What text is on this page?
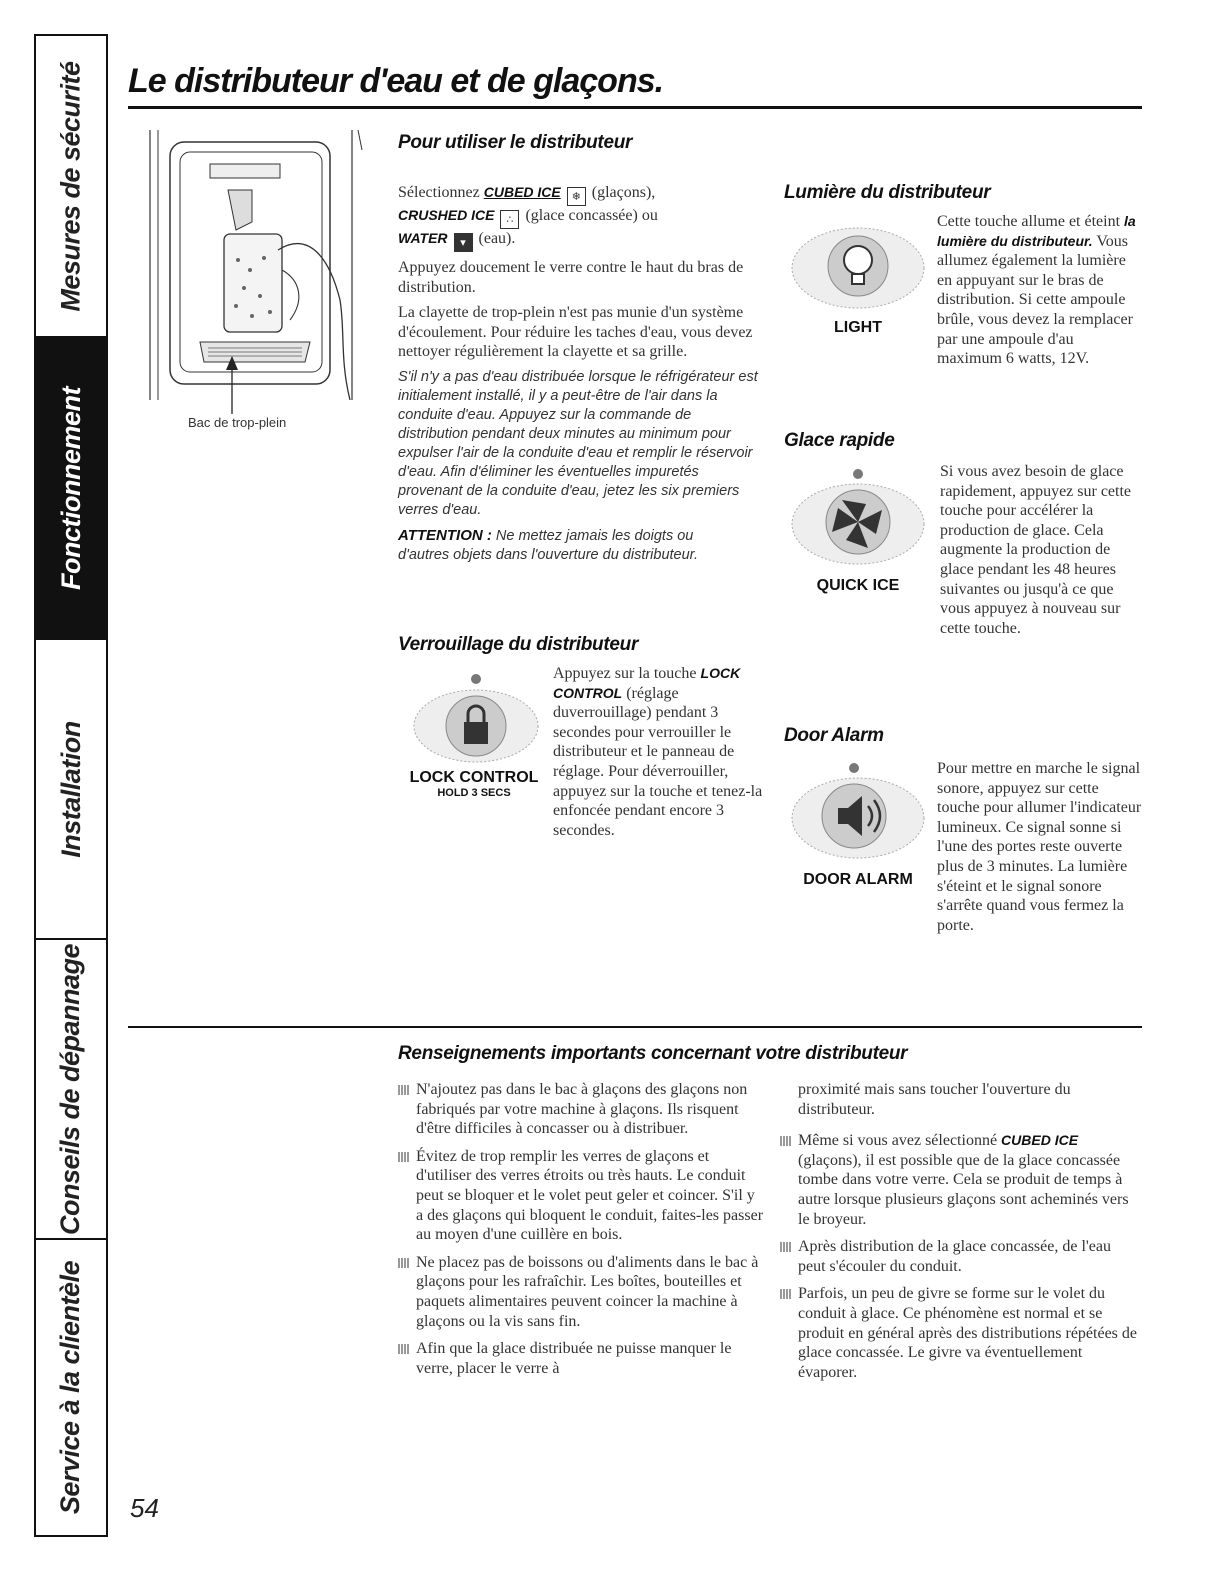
Mesures de sécurité
Fonctionnement
Installation
Conseils de dépannage
Service à la clientèle
Le distributeur d'eau et de glaçons.
Bac de trop-plein
Pour utiliser le distributeur

Sélectionnez CUBED ICE ❄ (glaçons),
CRUSHED ICE ∴ (glace concassée) ou
WATER ▾ (eau).

Appuyez doucement le verre contre le haut du bras de distribution.

La clayette de trop-plein n'est pas munie d'un système d'écoulement. Pour réduire les taches d'eau, vous devez nettoyer régulièrement la clayette et sa grille.

S'il n'y a pas d'eau distribuée lorsque le réfrigérateur est initialement installé, il y a peut-être de l'air dans la conduite d'eau. Appuyez sur la commande de distribution pendant deux minutes au minimum pour expulser l'air de la conduite d'eau et remplir le réservoir d'eau. Afin d'éliminer les éventuelles impuretés provenant de la conduite d'eau, jetez les six premiers verres d'eau.

ATTENTION : Ne mettez jamais les doigts ou d'autres objets dans l'ouverture du distributeur.

Verrouillage du distributeur
LOCK CONTROL
HOLD 3 SECS
Appuyez sur la touche LOCK CONTROL (réglage duverrouillage) pendant 3 secondes pour verrouiller le distributeur et le panneau de réglage. Pour déverrouiller, appuyez sur la touche et tenez-la enfoncée pendant encore 3 secondes.
Lumière du distributeur
LIGHT
Cette touche allume et éteint la lumière du distributeur. Vous allumez également la lumière en appuyant sur le bras de distribution. Si cette ampoule brûle, vous devez la remplacer par une ampoule d'au maximum 6 watts, 12V.
Glace rapide
QUICK ICE
Si vous avez besoin de glace rapidement, appuyez sur cette touche pour accélérer la production de glace. Cela augmente la production de glace pendant les 48 heures suivantes ou jusqu'à ce que vous appuyez à nouveau sur cette touche.
Door Alarm
DOOR ALARM
Pour mettre en marche le signal sonore, appuyez sur cette touche pour allumer l'indicateur lumineux. Ce signal sonne si l'une des portes reste ouverte plus de 3 minutes. La lumière s'éteint et le signal sonore s'arrête quand vous fermez la porte.
Renseignements importants concernant votre distributeur
N'ajoutez pas dans le bac à glaçons des glaçons non fabriqués par votre machine à glaçons. Ils risquent d'être difficiles à concasser ou à distribuer.
Évitez de trop remplir les verres de glaçons et d'utiliser des verres étroits ou très hauts. Le conduit peut se bloquer et le volet peut geler et coincer. S'il y a des glaçons qui bloquent le conduit, faites-les passer au moyen d'une cuillère en bois.
Ne placez pas de boissons ou d'aliments dans le bac à glaçons pour les rafraîchir. Les boîtes, bouteilles et paquets alimentaires peuvent coincer la machine à glaçons ou la vis sans fin.
Afin que la glace distribuée ne puisse manquer le verre, placer le verre à
proximité mais sans toucher l'ouverture du distributeur.
Même si vous avez sélectionné CUBED ICE (glaçons), il est possible que de la glace concassée tombe dans votre verre. Cela se produit de temps à autre lorsque plusieurs glaçons sont acheminés vers le broyeur.
Après distribution de la glace concassée, de l'eau peut s'écouler du conduit.
Parfois, un peu de givre se forme sur le volet du conduit à glace. Ce phénomène est normal et se produit en général après des distributions répétées de glace concassée. Le givre va éventuellement évaporer.
54
